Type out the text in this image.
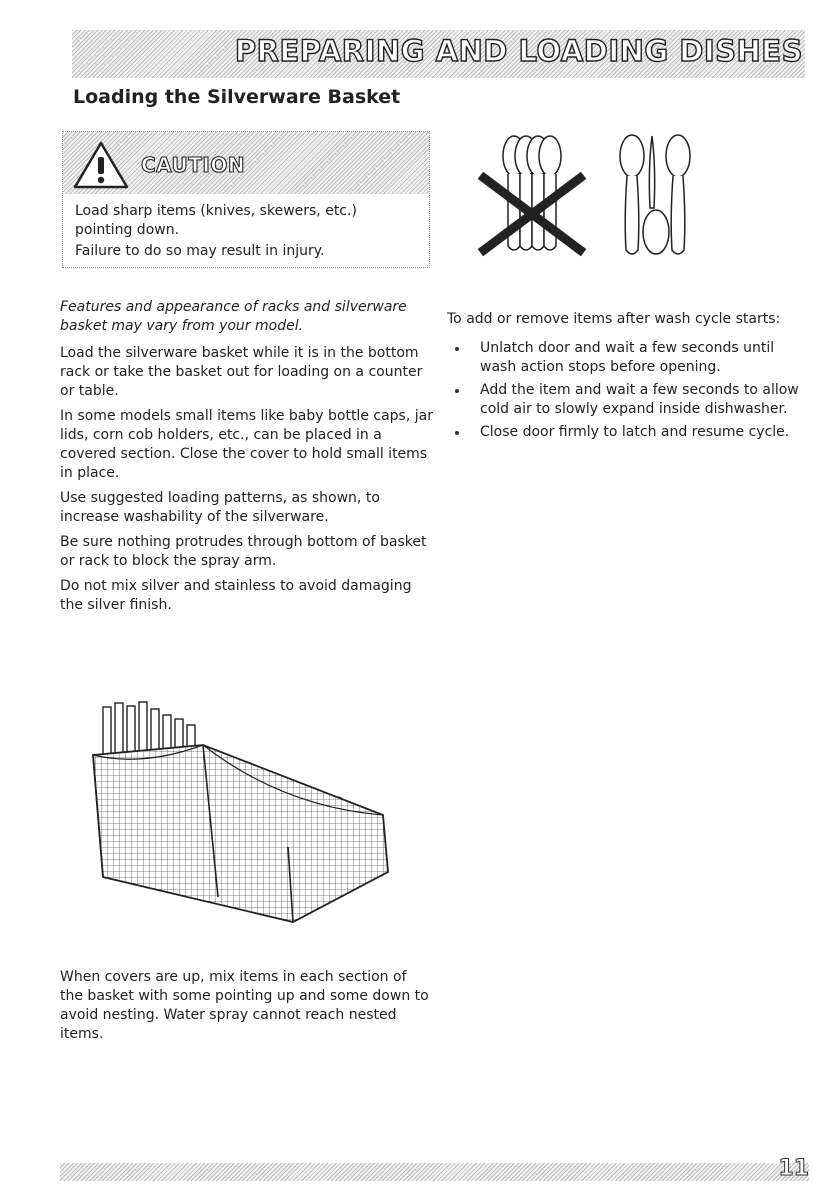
PREPARING AND LOADING DISHES
Loading the Silverware Basket
CAUTION

Load sharp items (knives, skewers, etc.) pointing down.

Failure to do so may result in injury.

Features and appearance of racks and silverware basket may vary from your model.

Load the silverware basket while it is in the bottom rack or take the basket out for loading on a counter or table.

In some models small items like baby bottle caps, jar lids, corn cob holders, etc., can be placed in a covered section. Close the cover to hold small items in place.

Use suggested loading patterns, as shown, to increase washability of the silverware.

Be sure nothing protrudes through bottom of basket or rack to block the spray arm.

Do not mix silver and stainless to avoid damaging the silver finish.

To add or remove items after wash cycle starts:

Unlatch door and wait a few seconds until wash action stops before opening.
Add the item and wait a few seconds to allow cold air to slowly expand inside dishwasher.
Close door firmly to latch and resume cycle.

When covers are up, mix items in each section of the basket with some pointing up and some down to avoid nesting. Water spray cannot reach nested items.

11
